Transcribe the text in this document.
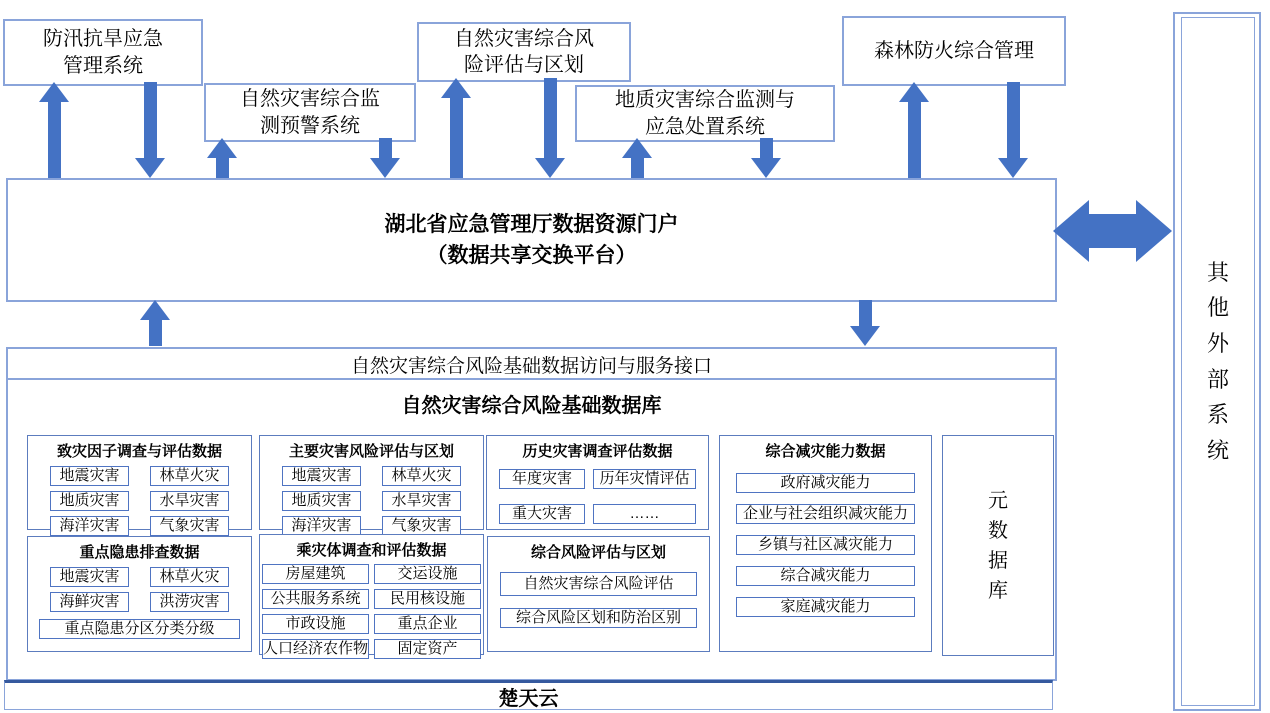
防汛抗旱应急管理系统
自然灾害综合监测预警系统
自然灾害综合风险评估与区划
地质灾害综合监测与应急处置系统
森林防火综合管理
湖北省应急管理厅数据资源门户
（数据共享交换平台）
自然灾害综合风险基础数据访问与服务接口
自然灾害综合风险基础数据库
致灾因子调查与评估数据
地震灾害	林草火灾
地质灾害	水旱灾害
海洋灾害	气象灾害
主要灾害风险评估与区划
地震灾害	林草火灾
地质灾害	水旱灾害
海洋灾害	气象灾害
历史灾害调查评估数据
年度灾害	历年灾情评估
重大灾害	……
综合减灾能力数据
政府减灾能力
企业与社会组织减灾能力
乡镇与社区减灾能力
综合减灾能力
家庭减灾能力
元数据库
重点隐患排查数据
地震灾害	林草火灾
海鲜灾害	洪涝灾害
重点隐患分区分类分级
乘灾体调查和评估数据
房屋建筑	交运设施
公共服务系统	民用核设施
市政设施	重点企业
人口经济农作物	固定资产
综合风险评估与区划
自然灾害综合风险评估
综合风险区划和防治区别
楚天云
其他外部系统
